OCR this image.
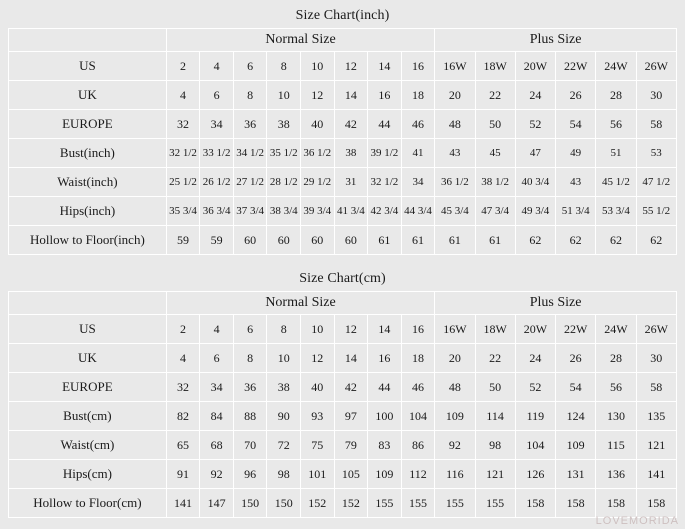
Size Chart(inch)
	Normal Size								Plus Size					
US	2	4	6	8	10	12	14	16	16W	18W	20W	22W	24W	26W
UK	4	6	8	10	12	14	16	18	20	22	24	26	28	30
EUROPE	32	34	36	38	40	42	44	46	48	50	52	54	56	58
Bust(inch)	32 1/2	33 1/2	34 1/2	35 1/2	36 1/2	38	39 1/2	41	43	45	47	49	51	53
Waist(inch)	25 1/2	26 1/2	27 1/2	28 1/2	29 1/2	31	32 1/2	34	36 1/2	38 1/2	40 3/4	43	45 1/2	47 1/2
Hips(inch)	35 3/4	36 3/4	37 3/4	38 3/4	39 3/4	41 3/4	42 3/4	44 3/4	45 3/4	47 3/4	49 3/4	51 3/4	53 3/4	55 1/2
Hollow to Floor(inch)	59	59	60	60	60	60	61	61	61	61	62	62	62	62
Size Chart(cm)
	Normal Size								Plus Size					
US	2	4	6	8	10	12	14	16	16W	18W	20W	22W	24W	26W
UK	4	6	8	10	12	14	16	18	20	22	24	26	28	30
EUROPE	32	34	36	38	40	42	44	46	48	50	52	54	56	58
Bust(cm)	82	84	88	90	93	97	100	104	109	114	119	124	130	135
Waist(cm)	65	68	70	72	75	79	83	86	92	98	104	109	115	121
Hips(cm)	91	92	96	98	101	105	109	112	116	121	126	131	136	141
Hollow to Floor(cm)	141	147	150	150	152	152	155	155	155	155	158	158	158	158
LOVEMORIDA
